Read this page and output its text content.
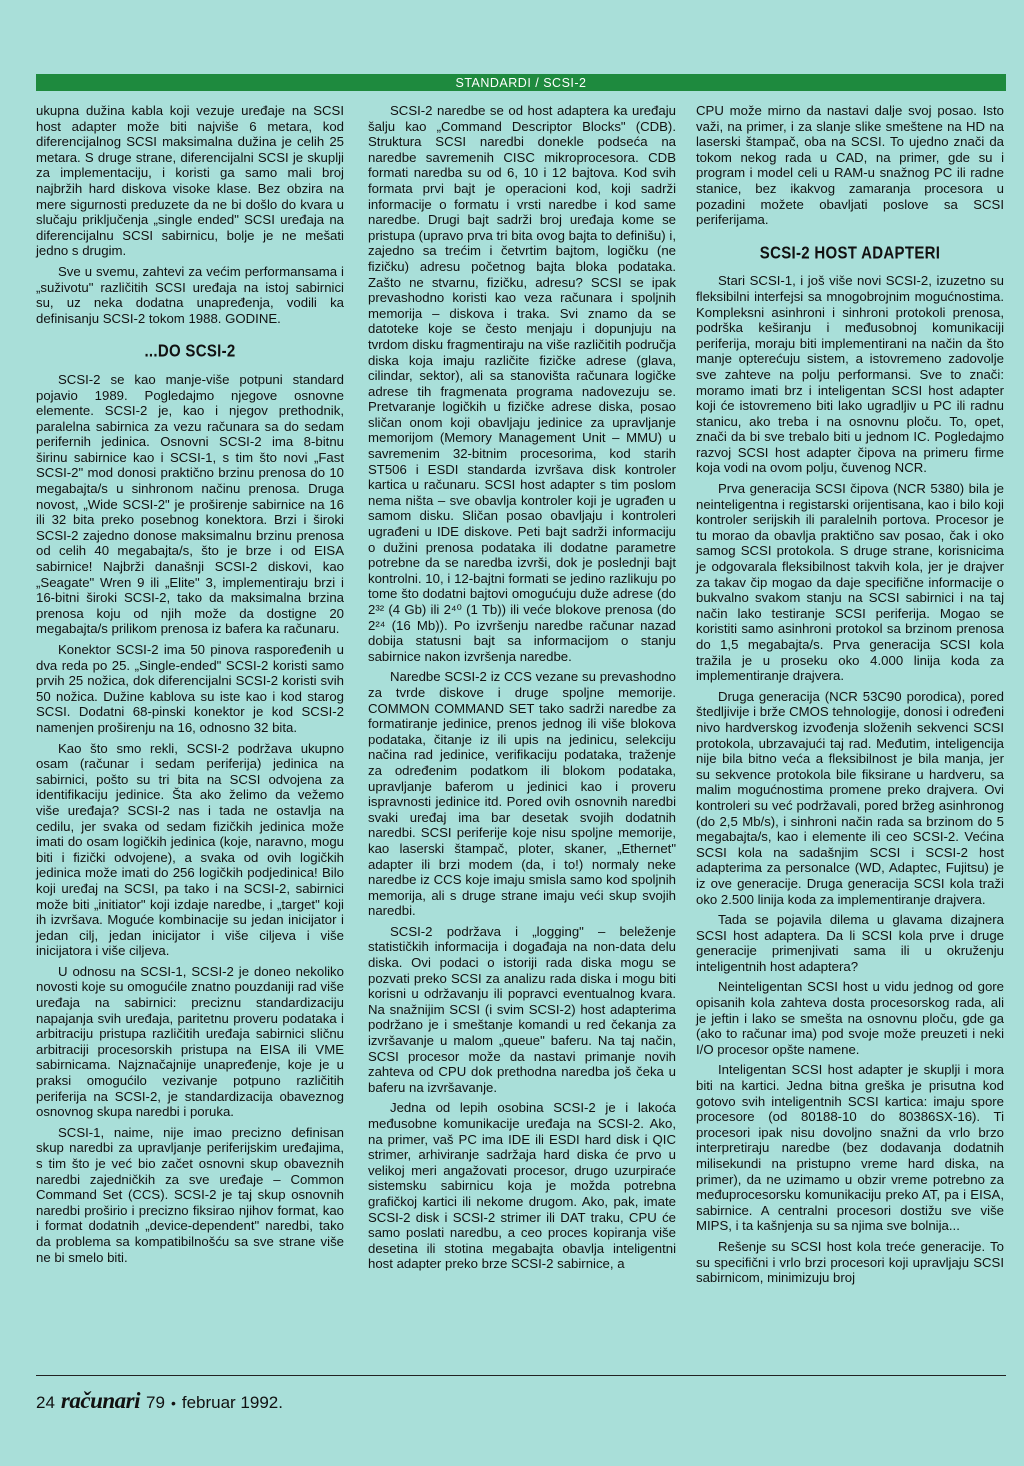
STANDARDI / SCSI-2

ukupna dužina kabla koji vezuje uređaje na SCSI host adapter može biti najviše 6 metara, kod diferencijalnog SCSI maksimalna dužina je celih 25 metara. S druge strane, diferencijalni SCSI je skuplji za implementaciju, i koristi ga samo mali broj najbržih hard diskova visoke klase. Bez obzira na mere sigurnosti preduzete da ne bi došlo do kvara u slučaju priključenja „single ended" SCSI uređaja na diferencijalnu SCSI sabirnicu, bolje je ne mešati jedno s drugim.

Sve u svemu, zahtevi za većim performansama i „suživotu" različitih SCSI uređaja na istoj sabirnici su, uz neka dodatna unapređenja, vodili ka definisanju SCSI-2 tokom 1988. GODINE.

...DO SCSI-2

SCSI-2 se kao manje-više potpuni standard pojavio 1989. Pogledajmo njegove osnovne elemente. SCSI-2 je, kao i njegov prethodnik, paralelna sabirnica za vezu računara sa do sedam perifernih jedinica. Osnovni SCSI-2 ima 8-bitnu širinu sabirnice kao i SCSI-1, s tim što novi „Fast SCSI-2" mod donosi praktično brzinu prenosa do 10 megabajta/s u sinhronom načinu prenosa. Druga novost, „Wide SCSI-2" je proširenje sabirnice na 16 ili 32 bita preko posebnog konektora. Brzi i široki SCSI-2 zajedno donose maksimalnu brzinu prenosa od celih 40 megabajta/s, što je brze i od EISA sabirnice! Najbrži današnji SCSI-2 diskovi, kao „Seagate" Wren 9 ili „Elite" 3, implementiraju brzi i 16-bitni široki SCSI-2, tako da maksimalna brzina prenosa koju od njih može da dostigne 20 megabajta/s prilikom prenosa iz bafera ka računaru.

Konektor SCSI-2 ima 50 pinova raspoređenih u dva reda po 25. „Single-ended" SCSI-2 koristi samo prvih 25 nožica, dok diferencijalni SCSI-2 koristi svih 50 nožica. Dužine kablova su iste kao i kod starog SCSI. Dodatni 68-pinski konektor je kod SCSI-2 namenjen proširenju na 16, odnosno 32 bita.

Kao što smo rekli, SCSI-2 podržava ukupno osam (računar i sedam periferija) jedinica na sabirnici, pošto su tri bita na SCSI odvojena za identifikaciju jedinice. Šta ako želimo da vežemo više uređaja? SCSI-2 nas i tada ne ostavlja na cedilu, jer svaka od sedam fizičkih jedinica može imati do osam logičkih jedinica (koje, naravno, mogu biti i fizički odvojene), a svaka od ovih logičkih jedinica može imati do 256 logičkih podjedinica! Bilo koji uređaj na SCSI, pa tako i na SCSI-2, sabirnici može biti „initiator" koji izdaje naredbe, i „target" koji ih izvršava. Moguće kombinacije su jedan inicijator i jedan cilj, jedan inicijator i više ciljeva i više inicijatora i više ciljeva.

U odnosu na SCSI-1, SCSI-2 je doneo nekoliko novosti koje su omogućile znatno pouzdaniji rad više uređaja na sabirnici: preciznu standardizaciju napajanja svih uređaja, paritetnu proveru podataka i arbitraciju pristupa različitih uređaja sabirnici sličnu arbitraciji procesorskih pristupa na EISA ili VME sabirnicama. Najznačajnije unapređenje, koje je u praksi omogućilo vezivanje potpuno različitih periferija na SCSI-2, je standardizacija obaveznog osnovnog skupa naredbi i poruka.

SCSI-1, naime, nije imao precizno definisan skup naredbi za upravljanje periferijskim uređajima, s tim što je već bio začet osnovni skup obaveznih naredbi zajedničkih za sve uređaje – Common Command Set (CCS). SCSI-2 je taj skup osnovnih naredbi proširio i precizno fiksirao njihov format, kao i format dodatnih „device-dependent" naredbi, tako da problema sa kompatibilnošću sa sve strane više ne bi smelo biti.

SCSI-2 naredbe se od host adaptera ka uređaju šalju kao „Command Descriptor Blocks" (CDB). Struktura SCSI naredbi donekle podseća na naredbe savremenih CISC mikroprocesora. CDB formati naredba su od 6, 10 i 12 bajtova. Kod svih formata prvi bajt je operacioni kod, koji sadrži informacije o formatu i vrsti naredbe i kod same naredbe. Drugi bajt sadrži broj uređaja kome se pristupa (upravo prva tri bita ovog bajta to definišu) i, zajedno sa trećim i četvrtim bajtom, logičku (ne fizičku) adresu početnog bajta bloka podataka. Zašto ne stvarnu, fizičku, adresu? SCSI se ipak prevashodno koristi kao veza računara i spoljnih memorija – diskova i traka. Svi znamo da se datoteke koje se često menjaju i dopunjuju na tvrdom disku fragmentiraju na više različitih područja diska koja imaju različite fizičke adrese (glava, cilindar, sektor), ali sa stanovišta računara logičke adrese tih fragmenata programa nadovezuju se. Pretvaranje logičkih u fizičke adrese diska, posao sličan onom koji obavljaju jedinice za upravljanje memorijom (Memory Management Unit – MMU) u savremenim 32-bitnim procesorima, kod starih ST506 i ESDI standarda izvršava disk kontroler kartica u računaru. SCSI host adapter s tim poslom nema ništa – sve obavlja kontroler koji je ugrađen u samom disku. Sličan posao obavljaju i kontroleri ugrađeni u IDE diskove. Peti bajt sadrži informaciju o dužini prenosa podataka ili dodatne parametre potrebne da se naredba izvrši, dok je poslednji bajt kontrolni. 10, i 12-bajtni formati se jedino razlikuju po tome što dodatni bajtovi omogućuju duže adrese (do 2³² (4 Gb) ili 2⁴⁰ (1 Tb)) ili veće blokove prenosa (do 2²⁴ (16 Mb)). Po izvršenju naredbe računar nazad dobija statusni bajt sa informacijom o stanju sabirnice nakon izvršenja naredbe.

Naredbe SCSI-2 iz CCS vezane su prevashodno za tvrde diskove i druge spoljne memorije. COMMON COMMAND SET tako sadrži naredbe za formatiranje jedinice, prenos jednog ili više blokova podataka, čitanje iz ili upis na jedinicu, selekciju načina rad jedinice, verifikaciju podataka, traženje za određenim podatkom ili blokom podataka, upravljanje baferom u jedinici kao i proveru ispravnosti jedinice itd. Pored ovih osnovnih naredbi svaki uređaj ima bar desetak svojih dodatnih naredbi. SCSI periferije koje nisu spoljne memorije, kao laserski štampač, ploter, skaner, „Ethernet" adapter ili brzi modem (da, i to!) normaly neke naredbe iz CCS koje imaju smisla samo kod spoljnih memorija, ali s druge strane imaju veći skup svojih naredbi.

SCSI-2 podržava i „logging" – beleženje statističkih informacija i događaja na non-data delu diska. Ovi podaci o istoriji rada diska mogu se pozvati preko SCSI za analizu rada diska i mogu biti korisni u održavanju ili popravci eventualnog kvara. Na snažnijim SCSI (i svim SCSI-2) host adapterima podržano je i smeštanje komandi u red čekanja za izvršavanje u malom „queue" baferu. Na taj način, SCSI procesor može da nastavi primanje novih zahteva od CPU dok prethodna naredba još čeka u baferu na izvršavanje.

Jedna od lepih osobina SCSI-2 je i lakoća međusobne komunikacije uređaja na SCSI-2. Ako, na primer, vaš PC ima IDE ili ESDI hard disk i QIC strimer, arhiviranje sadržaja hard diska će prvo u velikoj meri angažovati procesor, drugo uzurpiraće sistemsku sabirnicu koja je možda potrebna grafičkoj kartici ili nekome drugom. Ako, pak, imate SCSI-2 disk i SCSI-2 strimer ili DAT traku, CPU će samo poslati naredbu, a ceo proces kopiranja više desetina ili stotina megabajta obavlja inteligentni host adapter preko brze SCSI-2 sabirnice, a

CPU može mirno da nastavi dalje svoj posao. Isto važi, na primer, i za slanje slike smeštene na HD na laserski štampač, oba na SCSI. To ujedno znači da tokom nekog rada u CAD, na primer, gde su i program i model celi u RAM-u snažnog PC ili radne stanice, bez ikakvog zamaranja procesora u pozadini možete obavljati poslove sa SCSI periferijama.

SCSI-2 HOST ADAPTERI

Stari SCSI-1, i još više novi SCSI-2, izuzetno su fleksibilni interfejsi sa mnogobrojnim mogućnostima. Kompleksni asinhroni i sinhroni protokoli prenosa, podrška keširanju i međusobnoj komunikaciji periferija, moraju biti implementirani na način da što manje opterećuju sistem, a istovremeno zadovolje sve zahteve na polju performansi. Sve to znači: moramo imati brz i inteligentan SCSI host adapter koji će istovremeno biti lako ugradljiv u PC ili radnu stanicu, ako treba i na osnovnu ploču. To, opet, znači da bi sve trebalo biti u jednom IC. Pogledajmo razvoj SCSI host adapter čipova na primeru firme koja vodi na ovom polju, čuvenog NCR.

Prva generacija SCSI čipova (NCR 5380) bila je neinteligentna i registarski orijentisana, kao i bilo koji kontroler serijskih ili paralelnih portova. Procesor je tu morao da obavlja praktično sav posao, čak i oko samog SCSI protokola. S druge strane, korisnicima je odgovarala fleksibilnost takvih kola, jer je drajver za takav čip mogao da daje specifične informacije o bukvalno svakom stanju na SCSI sabirnici i na taj način lako testiranje SCSI periferija. Mogao se koristiti samo asinhroni protokol sa brzinom prenosa do 1,5 megabajta/s. Prva generacija SCSI kola tražila je u proseku oko 4.000 linija koda za implementiranje drajvera.

Druga generacija (NCR 53C90 porodica), pored štedljivije i brže CMOS tehnologije, donosi i određeni nivo hardverskog izvođenja složenih sekvenci SCSI protokola, ubrzavajući taj rad. Međutim, inteligencija nije bila bitno veća a fleksibilnost je bila manja, jer su sekvence protokola bile fiksirane u hardveru, sa malim mogućnostima promene preko drajvera. Ovi kontroleri su već podržavali, pored bržeg asinhronog (do 2,5 Mb/s), i sinhroni način rada sa brzinom do 5 megabajta/s, kao i elemente ili ceo SCSI-2. Većina SCSI kola na sadašnjim SCSI i SCSI-2 host adapterima za personalce (WD, Adaptec, Fujitsu) je iz ove generacije. Druga generacija SCSI kola traži oko 2.500 linija koda za implementiranje drajvera.

Tada se pojavila dilema u glavama dizajnera SCSI host adaptera. Da li SCSI kola prve i druge generacije primenjivati sama ili u okruženju inteligentnih host adaptera?

Neinteligentan SCSI host u vidu jednog od gore opisanih kola zahteva dosta procesorskog rada, ali je jeftin i lako se smešta na osnovnu ploču, gde ga (ako to računar ima) pod svoje može preuzeti i neki I/O procesor opšte namene.

Inteligentan SCSI host adapter je skuplji i mora biti na kartici. Jedna bitna greška je prisutna kod gotovo svih inteligentnih SCSI kartica: imaju spore procesore (od 80188-10 do 80386SX-16). Ti procesori ipak nisu dovoljno snažni da vrlo brzo interpretiraju naredbe (bez dodavanja dodatnih milisekundi na pristupno vreme hard diska, na primer), da ne uzimamo u obzir vreme potrebno za međuprocesorsku komunikaciju preko AT, pa i EISA, sabirnice. A centralni procesori dostižu sve više MIPS, i ta kašnjenja su sa njima sve bolnija...

Rešenje su SCSI host kola treće generacije. To su specifični i vrlo brzi procesori koji upravljaju SCSI sabirnicom, minimizuju broj

24 računari 79 • februar 1992.
